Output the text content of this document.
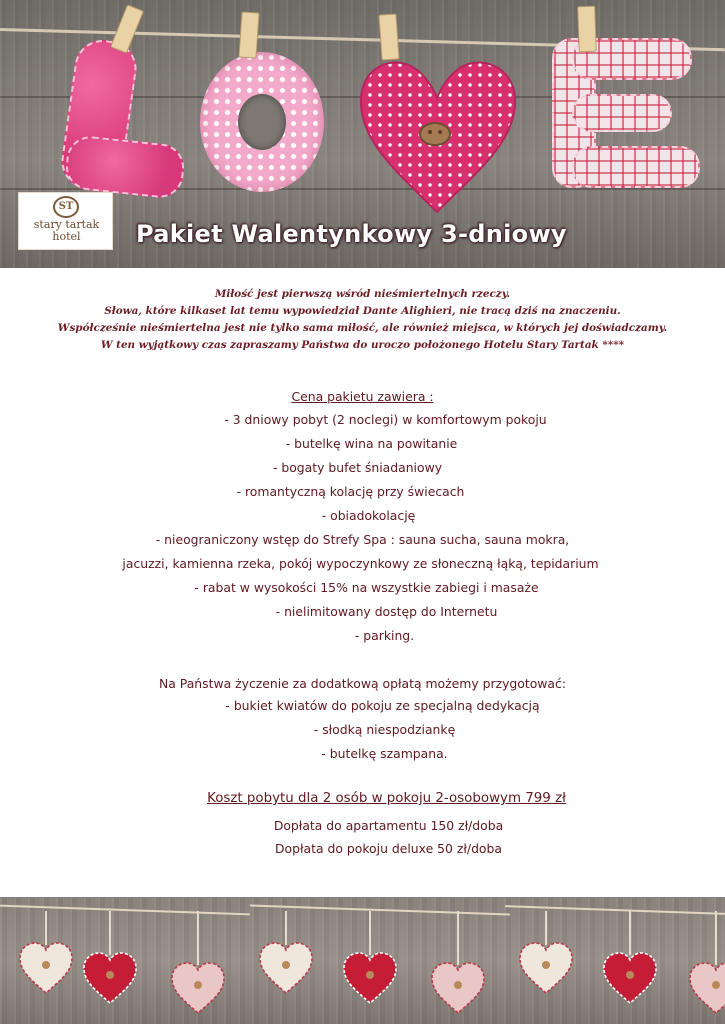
ST
stary tartak
hotel	Pakiet Walentynkowy 3-dniowy
Miłość jest pierwszą wśród nieśmiertelnych rzeczy.
Słowa, które kilkaset lat temu wypowiedział Dante Alighieri, nie tracą dziś na znaczeniu.
Współcześnie nieśmiertelna jest nie tylko sama miłość, ale również miejsca, w których jej doświadczamy.
W ten wyjątkowy czas zapraszamy Państwa do uroczo położonego Hotelu Stary Tartak ****
Cena pakietu zawiera :
- 3 dniowy pobyt (2 noclegi) w komfortowym pokoju
- butelkę wina na powitanie
- bogaty bufet śniadaniowy
- romantyczną kolację przy świecach
- obiadokolację
- nieograniczony wstęp do Strefy Spa : sauna sucha, sauna mokra,
jacuzzi, kamienna rzeka, pokój wypoczynkowy ze słoneczną łąką, tepidarium
- rabat w wysokości 15% na wszystkie zabiegi i masaże
- nielimitowany dostęp do Internetu
- parking.
Na Państwa życzenie za dodatkową opłatą możemy przygotować:
- bukiet kwiatów do pokoju ze specjalną dedykacją
- słodką niespodziankę
- butelkę szampana.
Koszt pobytu dla 2 osób w pokoju 2-osobowym 799 zł
Dopłata do apartamentu 150 zł/doba
Dopłata do pokoju deluxe 50 zł/doba
